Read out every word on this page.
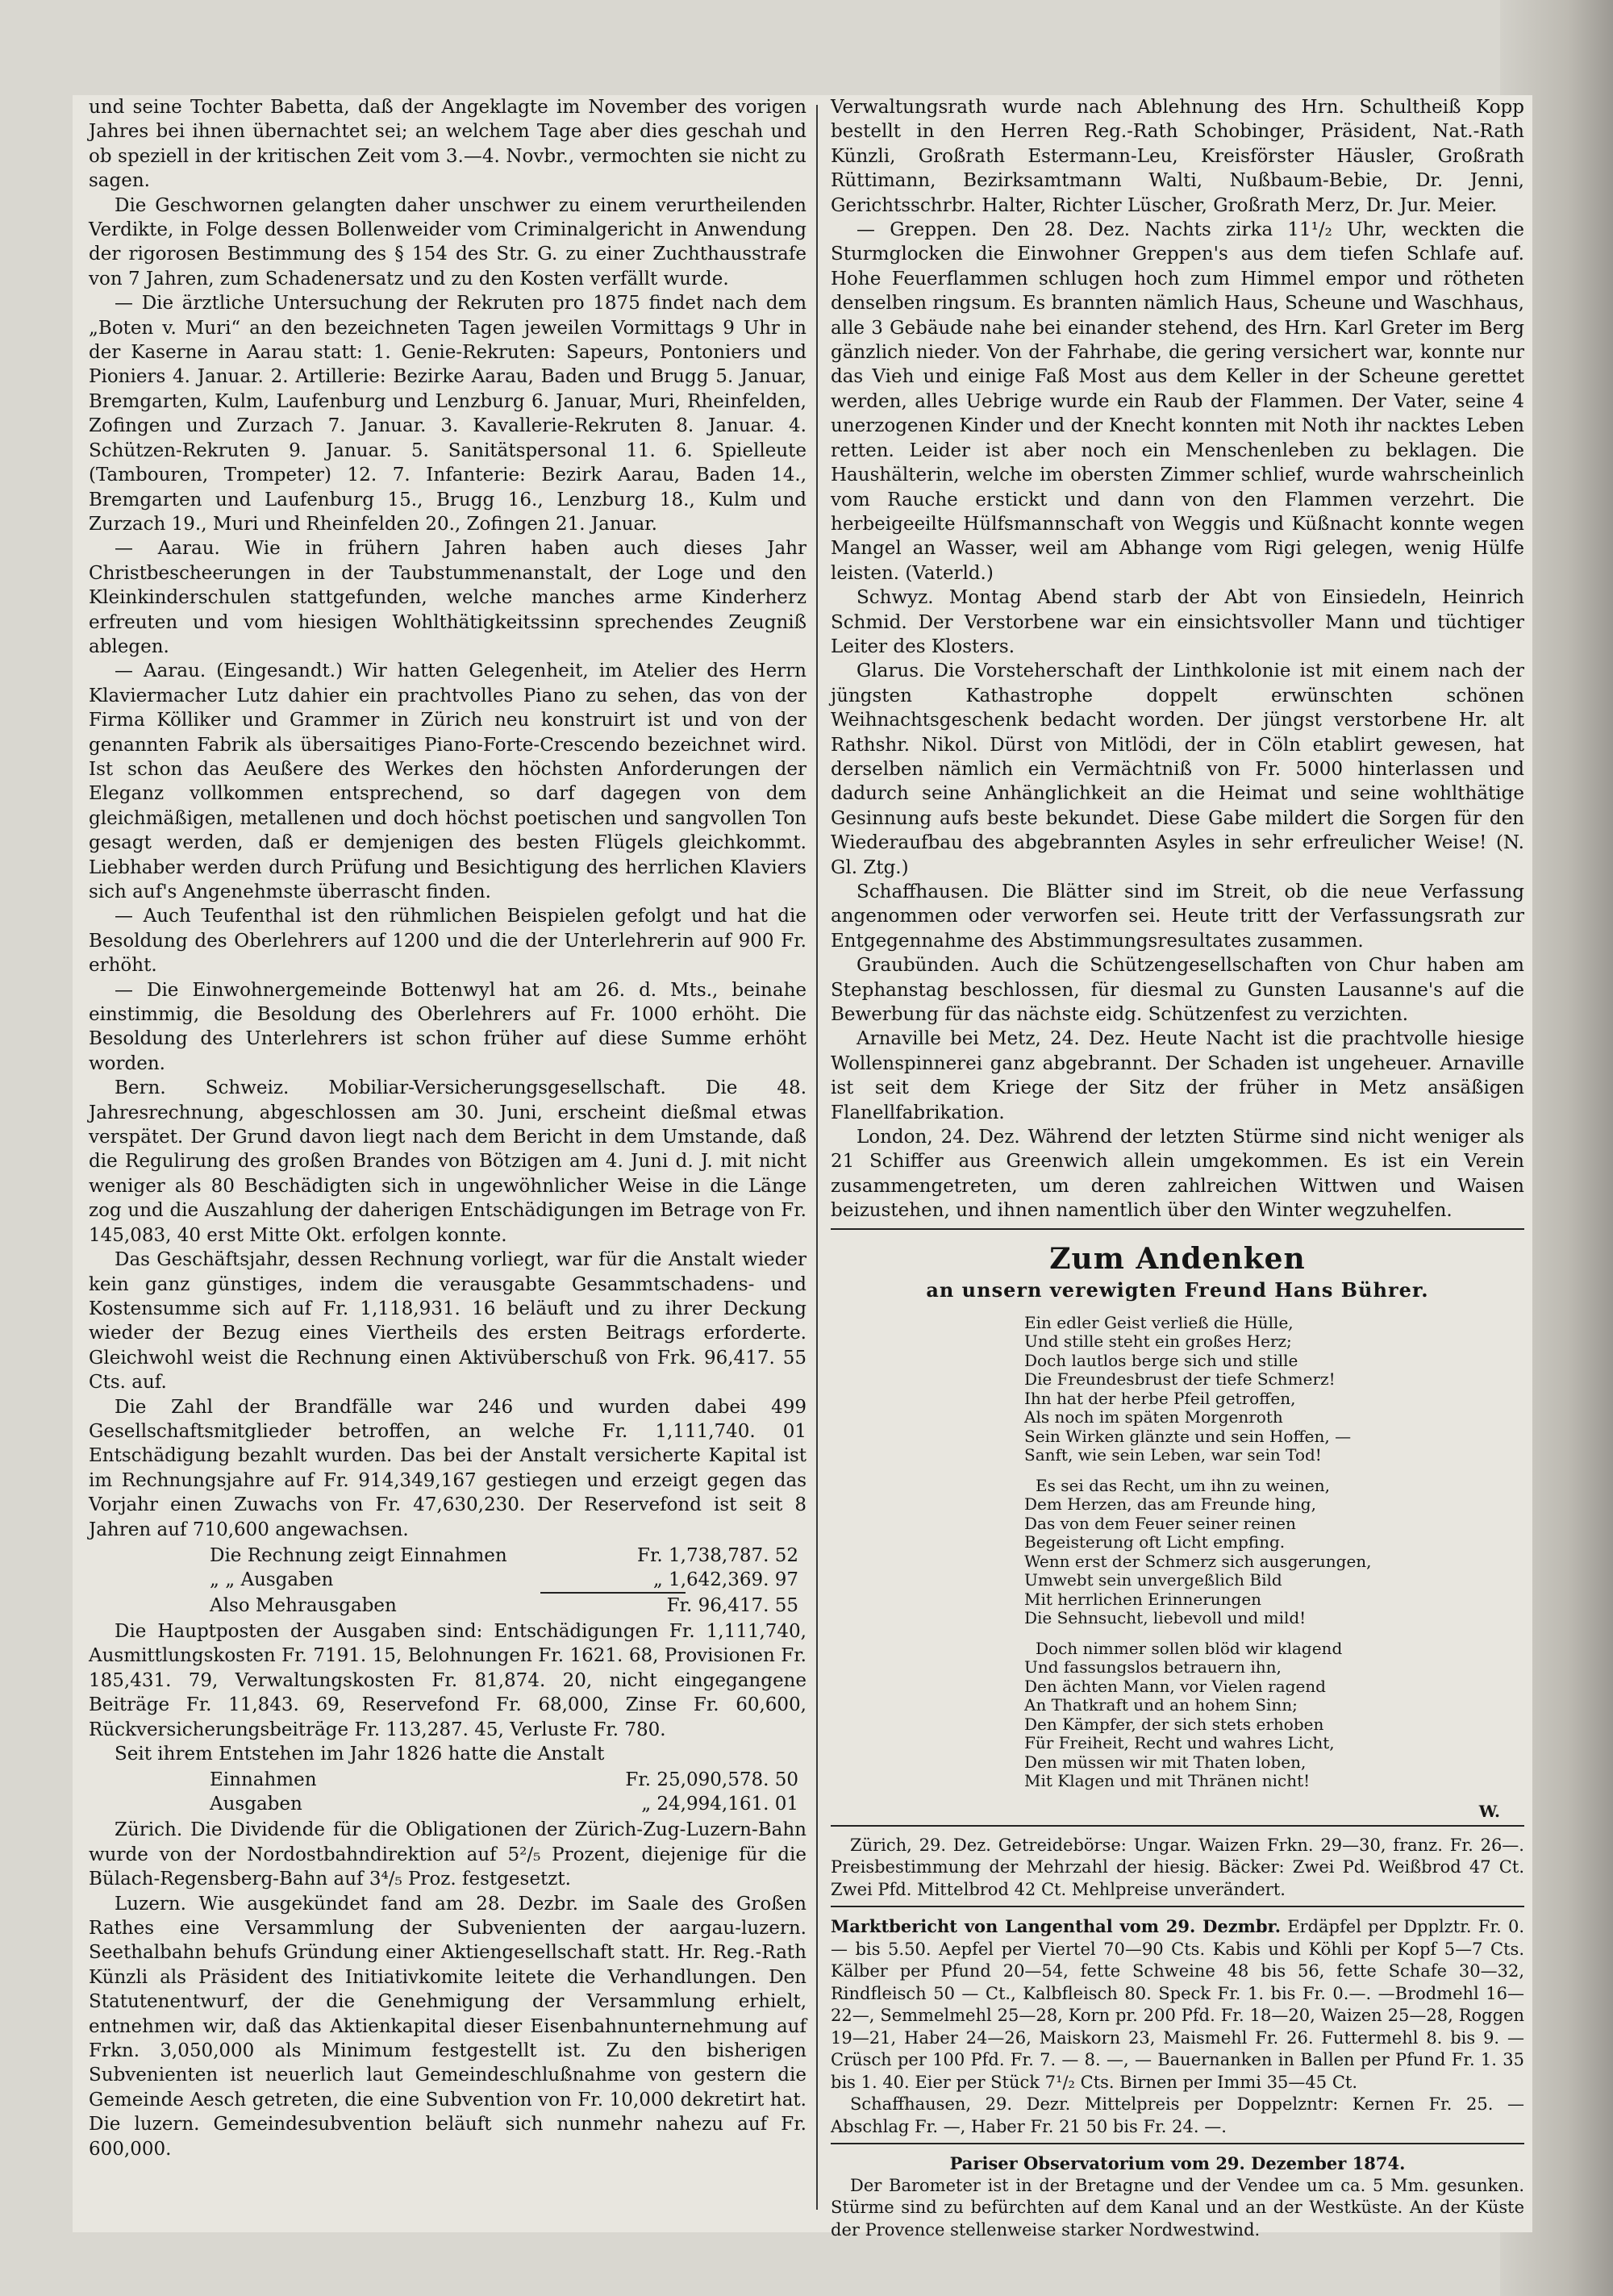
und seine Tochter Babetta, daß der Angeklagte im November des vorigen Jahres bei ihnen übernachtet sei; an welchem Tage aber dies geschah und ob speziell in der kritischen Zeit vom 3.—4. Novbr., vermochten sie nicht zu sagen.

Die Geschwornen gelangten daher unschwer zu einem verurtheilenden Verdikte, in Folge dessen Bollenweider vom Criminalgericht in Anwendung der rigorosen Bestimmung des § 154 des Str. G. zu einer Zuchthausstrafe von 7 Jahren, zum Schadenersatz und zu den Kosten verfällt wurde.

— Die ärztliche Untersuchung der Rekruten pro 1875 findet nach dem „Boten v. Muri“ an den bezeichneten Tagen jeweilen Vormittags 9 Uhr in der Kaserne in Aarau statt: 1. Genie-Rekruten: Sapeurs, Pontoniers und Pioniers 4. Januar. 2. Artillerie: Bezirke Aarau, Baden und Brugg 5. Januar, Bremgarten, Kulm, Laufenburg und Lenzburg 6. Januar, Muri, Rheinfelden, Zofingen und Zurzach 7. Januar. 3. Kavallerie-Rekruten 8. Januar. 4. Schützen-Rekruten 9. Januar. 5. Sanitätspersonal 11. 6. Spielleute (Tambouren, Trompeter) 12. 7. Infanterie: Bezirk Aarau, Baden 14., Bremgarten und Laufenburg 15., Brugg 16., Lenzburg 18., Kulm und Zurzach 19., Muri und Rheinfelden 20., Zofingen 21. Januar.

— Aarau. Wie in frühern Jahren haben auch dieses Jahr Christbescheerungen in der Taubstummenanstalt, der Loge und den Kleinkinderschulen stattgefunden, welche manches arme Kinderherz erfreuten und vom hiesigen Wohlthätigkeitssinn sprechendes Zeugniß ablegen.

— Aarau. (Eingesandt.) Wir hatten Gelegenheit, im Atelier des Herrn Klaviermacher Lutz dahier ein prachtvolles Piano zu sehen, das von der Firma Kölliker und Grammer in Zürich neu konstruirt ist und von der genannten Fabrik als übersaitiges Piano-Forte-Crescendo bezeichnet wird. Ist schon das Aeußere des Werkes den höchsten Anforderungen der Eleganz vollkommen entsprechend, so darf dagegen von dem gleichmäßigen, metallenen und doch höchst poetischen und sangvollen Ton gesagt werden, daß er demjenigen des besten Flügels gleichkommt. Liebhaber werden durch Prüfung und Besichtigung des herrlichen Klaviers sich auf's Angenehmste überrascht finden.

— Auch Teufenthal ist den rühmlichen Beispielen gefolgt und hat die Besoldung des Oberlehrers auf 1200 und die der Unterlehrerin auf 900 Fr. erhöht.

— Die Einwohnergemeinde Bottenwyl hat am 26. d. Mts., beinahe einstimmig, die Besoldung des Oberlehrers auf Fr. 1000 erhöht. Die Besoldung des Unterlehrers ist schon früher auf diese Summe erhöht worden.

Bern. Schweiz. Mobiliar-Versicherungsgesellschaft. Die 48. Jahresrechnung, abgeschlossen am 30. Juni, erscheint dießmal etwas verspätet. Der Grund davon liegt nach dem Bericht in dem Umstande, daß die Regulirung des großen Brandes von Bötzigen am 4. Juni d. J. mit nicht weniger als 80 Beschädigten sich in ungewöhnlicher Weise in die Länge zog und die Auszahlung der daherigen Entschädigungen im Betrage von Fr. 145,083, 40 erst Mitte Okt. erfolgen konnte.

Das Geschäftsjahr, dessen Rechnung vorliegt, war für die Anstalt wieder kein ganz günstiges, indem die verausgabte Gesammtschadens- und Kostensumme sich auf Fr. 1,118,931. 16 beläuft und zu ihrer Deckung wieder der Bezug eines Viertheils des ersten Beitrags erforderte. Gleichwohl weist die Rechnung einen Aktivüberschuß von Frk. 96,417. 55 Cts. auf.

Die Zahl der Brandfälle war 246 und wurden dabei 499 Gesellschaftsmitglieder betroffen, an welche Fr. 1,111,740. 01 Entschädigung bezahlt wurden. Das bei der Anstalt versicherte Kapital ist im Rechnungsjahre auf Fr. 914,349,167 gestiegen und erzeigt gegen das Vorjahr einen Zuwachs von Fr. 47,630,230. Der Reservefond ist seit 8 Jahren auf 710,600 angewachsen.

Die Rechnung zeigt Einnahmen	Fr. 1,738,787. 52
„ „ Ausgaben	„ 1,642,369. 97

Also Mehrausgaben	Fr. 96,417. 55

Die Hauptposten der Ausgaben sind: Entschädigungen Fr. 1,111,740, Ausmittlungskosten Fr. 7191. 15, Belohnungen Fr. 1621. 68, Provisionen Fr. 185,431. 79, Verwaltungskosten Fr. 81,874. 20, nicht eingegangene Beiträge Fr. 11,843. 69, Reservefond Fr. 68,000, Zinse Fr. 60,600, Rückversicherungsbeiträge Fr. 113,287. 45, Verluste Fr. 780.

Seit ihrem Entstehen im Jahr 1826 hatte die Anstalt

Einnahmen	Fr. 25,090,578. 50
Ausgaben	„ 24,994,161. 01

Zürich. Die Dividende für die Obligationen der Zürich-Zug-Luzern-Bahn wurde von der Nordostbahndirektion auf 5²/₅ Prozent, diejenige für die Bülach-Regensberg-Bahn auf 3⁴/₅ Proz. festgesetzt.

Luzern. Wie ausgekündet fand am 28. Dezbr. im Saale des Großen Rathes eine Versammlung der Subvenienten der aargau-luzern. Seethalbahn behufs Gründung einer Aktiengesellschaft statt. Hr. Reg.-Rath Künzli als Präsident des Initiativkomite leitete die Verhandlungen. Den Statutenentwurf, der die Genehmigung der Versammlung erhielt, entnehmen wir, daß das Aktienkapital dieser Eisenbahnunternehmung auf Frkn. 3,050,000 als Minimum festgestellt ist. Zu den bisherigen Subvenienten ist neuerlich laut Gemeindeschlußnahme von gestern die Gemeinde Aesch getreten, die eine Subvention von Fr. 10,000 dekretirt hat. Die luzern. Gemeindesubvention beläuft sich nunmehr nahezu auf Fr. 600,000.

Verwaltungsrath wurde nach Ablehnung des Hrn. Schultheiß Kopp bestellt in den Herren Reg.-Rath Schobinger, Präsident, Nat.-Rath Künzli, Großrath Estermann-Leu, Kreisförster Häusler, Großrath Rüttimann, Bezirksamtmann Walti, Nußbaum-Bebie, Dr. Jenni, Gerichtsschrbr. Halter, Richter Lüscher, Großrath Merz, Dr. Jur. Meier.

— Greppen. Den 28. Dez. Nachts zirka 11¹/₂ Uhr, weckten die Sturmglocken die Einwohner Greppen's aus dem tiefen Schlafe auf. Hohe Feuerflammen schlugen hoch zum Himmel empor und rötheten denselben ringsum. Es brannten nämlich Haus, Scheune und Waschhaus, alle 3 Gebäude nahe bei einander stehend, des Hrn. Karl Greter im Berg gänzlich nieder. Von der Fahrhabe, die gering versichert war, konnte nur das Vieh und einige Faß Most aus dem Keller in der Scheune gerettet werden, alles Uebrige wurde ein Raub der Flammen. Der Vater, seine 4 unerzogenen Kinder und der Knecht konnten mit Noth ihr nacktes Leben retten. Leider ist aber noch ein Menschenleben zu beklagen. Die Haushälterin, welche im obersten Zimmer schlief, wurde wahrscheinlich vom Rauche erstickt und dann von den Flammen verzehrt. Die herbeigeeilte Hülfsmannschaft von Weggis und Küßnacht konnte wegen Mangel an Wasser, weil am Abhange vom Rigi gelegen, wenig Hülfe leisten. (Vaterld.)

Schwyz. Montag Abend starb der Abt von Einsiedeln, Heinrich Schmid. Der Verstorbene war ein einsichtsvoller Mann und tüchtiger Leiter des Klosters.

Glarus. Die Vorsteherschaft der Linthkolonie ist mit einem nach der jüngsten Kathastrophe doppelt erwünschten schönen Weihnachtsgeschenk bedacht worden. Der jüngst verstorbene Hr. alt Rathshr. Nikol. Dürst von Mitlödi, der in Cöln etablirt gewesen, hat derselben nämlich ein Vermächtniß von Fr. 5000 hinterlassen und dadurch seine Anhänglichkeit an die Heimat und seine wohlthätige Gesinnung aufs beste bekundet. Diese Gabe mildert die Sorgen für den Wiederaufbau des abgebrannten Asyles in sehr erfreulicher Weise! (N. Gl. Ztg.)

Schaffhausen. Die Blätter sind im Streit, ob die neue Verfassung angenommen oder verworfen sei. Heute tritt der Verfassungsrath zur Entgegennahme des Abstimmungsresultates zusammen.

Graubünden. Auch die Schützengesellschaften von Chur haben am Stephanstag beschlossen, für diesmal zu Gunsten Lausanne's auf die Bewerbung für das nächste eidg. Schützenfest zu verzichten.

Arnaville bei Metz, 24. Dez. Heute Nacht ist die prachtvolle hiesige Wollenspinnerei ganz abgebrannt. Der Schaden ist ungeheuer. Arnaville ist seit dem Kriege der Sitz der früher in Metz ansäßigen Flanellfabrikation.

London, 24. Dez. Während der letzten Stürme sind nicht weniger als 21 Schiffer aus Greenwich allein umgekommen. Es ist ein Verein zusammengetreten, um deren zahlreichen Wittwen und Waisen beizustehen, und ihnen namentlich über den Winter wegzuhelfen.

Zum Andenken
an unsern verewigten Freund Hans Bührer.
Ein edler Geist verließ die Hülle,
Und stille steht ein großes Herz;
Doch lautlos berge sich und stille
Die Freundesbrust der tiefe Schmerz!
Ihn hat der herbe Pfeil getroffen,
Als noch im späten Morgenroth
Sein Wirken glänzte und sein Hoffen, —
Sanft, wie sein Leben, war sein Tod!
Es sei das Recht, um ihn zu weinen,
Dem Herzen, das am Freunde hing,
Das von dem Feuer seiner reinen
Begeisterung oft Licht empfing.
Wenn erst der Schmerz sich ausgerungen,
Umwebt sein unvergeßlich Bild
Mit herrlichen Erinnerungen
Die Sehnsucht, liebevoll und mild!
Doch nimmer sollen blöd wir klagend
Und fassungslos betrauern ihn,
Den ächten Mann, vor Vielen ragend
An Thatkraft und an hohem Sinn;
Den Kämpfer, der sich stets erhoben
Für Freiheit, Recht und wahres Licht,
Den müssen wir mit Thaten loben,
Mit Klagen und mit Thränen nicht!
W.

Zürich, 29. Dez. Getreidebörse: Ungar. Waizen Frkn. 29—30, franz. Fr. 26—. Preisbestimmung der Mehrzahl der hiesig. Bäcker: Zwei Pd. Weißbrod 47 Ct. Zwei Pfd. Mittelbrod 42 Ct. Mehlpreise unverändert.

Marktbericht von Langenthal vom 29. Dezmbr. Erdäpfel per Dpplztr. Fr. 0. — bis 5.50. Aepfel per Viertel 70—90 Cts. Kabis und Köhli per Kopf 5—7 Cts. Kälber per Pfund 20—54, fette Schweine 48 bis 56, fette Schafe 30—32, Rindfleisch 50 — Ct., Kalbfleisch 80. Speck Fr. 1. bis Fr. 0.—. —Brodmehl 16—22—, Semmelmehl 25—28, Korn pr. 200 Pfd. Fr. 18—20, Waizen 25—28, Roggen 19—21, Haber 24—26, Maiskorn 23, Maismehl Fr. 26. Futtermehl 8. bis 9. — Crüsch per 100 Pfd. Fr. 7. — 8. —, — Bauernanken in Ballen per Pfund Fr. 1. 35 bis 1. 40. Eier per Stück 7¹/₂ Cts. Birnen per Immi 35—45 Ct.

Schaffhausen, 29. Dezr. Mittelpreis per Doppelzntr: Kernen Fr. 25. — Abschlag Fr. —, Haber Fr. 21 50 bis Fr. 24. —.

Pariser Observatorium vom 29. Dezember 1874.

Der Barometer ist in der Bretagne und der Vendee um ca. 5 Mm. gesunken. Stürme sind zu befürchten auf dem Kanal und an der Westküste. An der Küste der Provence stellenweise starker Nordwestwind.
